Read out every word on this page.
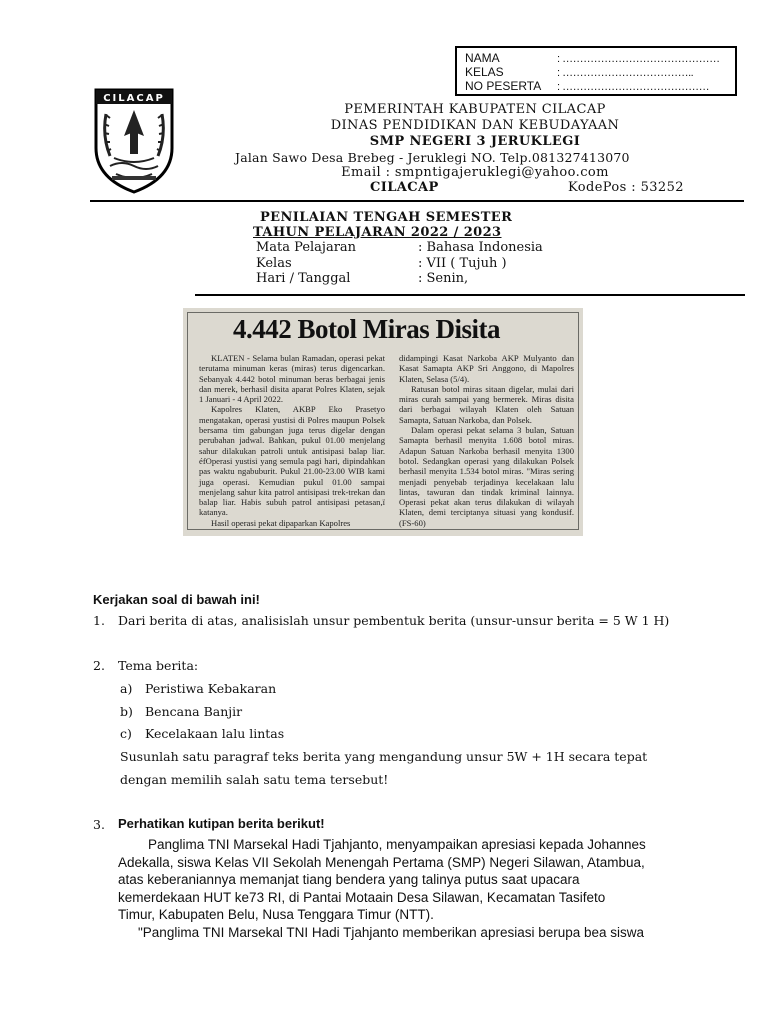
NAMA	: ………………………………………
KELAS	: ………………………………..
NO PESERTA : ……………………………………
CILACAP
PEMERINTAH KABUPATEN CILACAP
DINAS PENDIDIKAN DAN KEBUDAYAAN
SMP NEGERI 3 JERUKLEGI
Jalan Sawo Desa Brebeg - Jeruklegi NO. Telp.081327413070
Email : smpntigajeruklegi@yahoo.com
CILACAP	KodePos : 53252
PENILAIAN TENGAH SEMESTER
TAHUN PELAJARAN 2022 / 2023
Mata Pelajaran	: Bahasa Indonesia
Kelas	: VII ( Tujuh )
Hari / Tanggal	: Senin,
4.442 Botol Miras Disita

KLATEN - Selama bulan Ramadan, operasi pekat terutama minuman keras (miras) terus digencarkan. Sebanyak 4.442 botol minuman beras berbagai jenis dan merek, berhasil disita aparat Polres Klaten, sejak 1 Januari - 4 April 2022.

Kapolres Klaten, AKBP Eko Prasetyo mengatakan, operasi yustisi di Polres maupun Polsek bersama tim gabungan juga terus digelar dengan perubahan jadwal. Bahkan, pukul 01.00 menjelang sahur dilakukan patroli untuk antisipasi balap liar. éfOperasi yustisi yang semula pagi hari, dipindahkan pas waktu ngabuburit. Pukul 21.00-23.00 WIB kami juga operasi. Kemudian pukul 01.00 sampai menjelang sahur kita patrol antisipasi trek-trekan dan balap liar. Habis subuh patrol antisipasi petasan,ï katanya.

Hasil operasi pekat dipaparkan Kapolres

didampingi Kasat Narkoba AKP Mulyanto dan Kasat Samapta AKP Sri Anggono, di Mapolres Klaten, Selasa (5/4).

Ratusan botol miras sitaan digelar, mulai dari miras curah sampai yang bermerek. Miras disita dari berbagai wilayah Klaten oleh Satuan Samapta, Satuan Narkoba, dan Polsek.

Dalam operasi pekat selama 3 bulan, Satuan Samapta berhasil menyita 1.608 botol miras. Adapun Satuan Narkoba berhasil menyita 1300 botol. Sedangkan operasi yang dilakukan Polsek berhasil menyita 1.534 botol miras. "Miras sering menjadi penyebab terjadinya kecelakaan lalu lintas, tawuran dan tindak kriminal lainnya. Operasi pekat akan terus dilakukan di wilayah Klaten, demi terciptanya situasi yang kondusif.(FS-60)

Kerjakan soal di bawah ini!
1. Dari berita di atas, analisislah unsur pembentuk berita (unsur-unsur berita = 5 W 1 H)
2. Tema berita:
a) Peristiwa Kebakaran
b) Bencana Banjir
c) Kecelakaan lalu lintas
Susunlah satu paragraf teks berita yang mengandung unsur 5W + 1H secara tepat
dengan memilih salah satu tema tersebut!
3. Perhatikan kutipan berita berikut!
Panglima TNI Marsekal Hadi Tjahjanto, menyampaikan apresiasi kepada Johannes
Adekalla, siswa Kelas VII Sekolah Menengah Pertama (SMP) Negeri Silawan, Atambua,
atas keberaniannya memanjat tiang bendera yang talinya putus saat upacara
kemerdekaan HUT ke73 RI, di Pantai Motaain Desa Silawan, Kecamatan Tasifeto
Timur, Kabupaten Belu, Nusa Tenggara Timur (NTT).
"Panglima TNI Marsekal TNI Hadi Tjahjanto memberikan apresiasi berupa bea siswa
